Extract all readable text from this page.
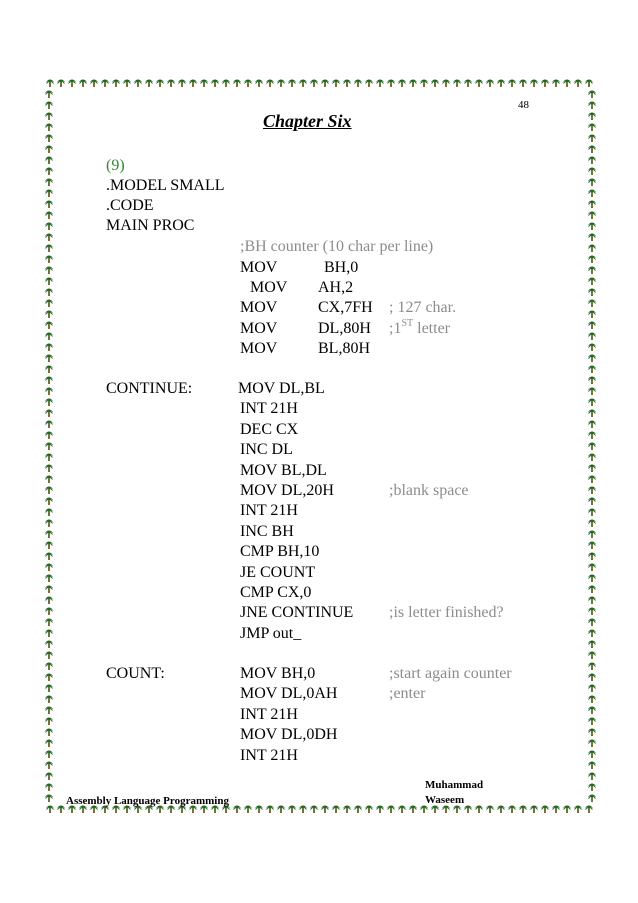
48
Chapter Six
(9)
.MODEL SMALL
.CODE
MAIN PROC
;BH counter (10 char per line)
MOV	BH,0
MOV AH,2
MOV	CX,7FH ; 127 char.
MOV	DL,80H ;1ST letter
MOV	BL,80H
CONTINUE:	MOV DL,BL
INT 21H
DEC CX
INC DL
MOV BL,DL
MOV DL,20H	;blank space
INT 21H
INC BH
CMP BH,10
JE COUNT
CMP CX,0
JNE CONTINUE ;is letter finished?
JMP out_
COUNT:	MOV BH,0	;start again counter
MOV DL,0AH	;enter
INT 21H
MOV DL,0DH
INT 21H
Assembly Language Programming
Muhammad
Waseem
